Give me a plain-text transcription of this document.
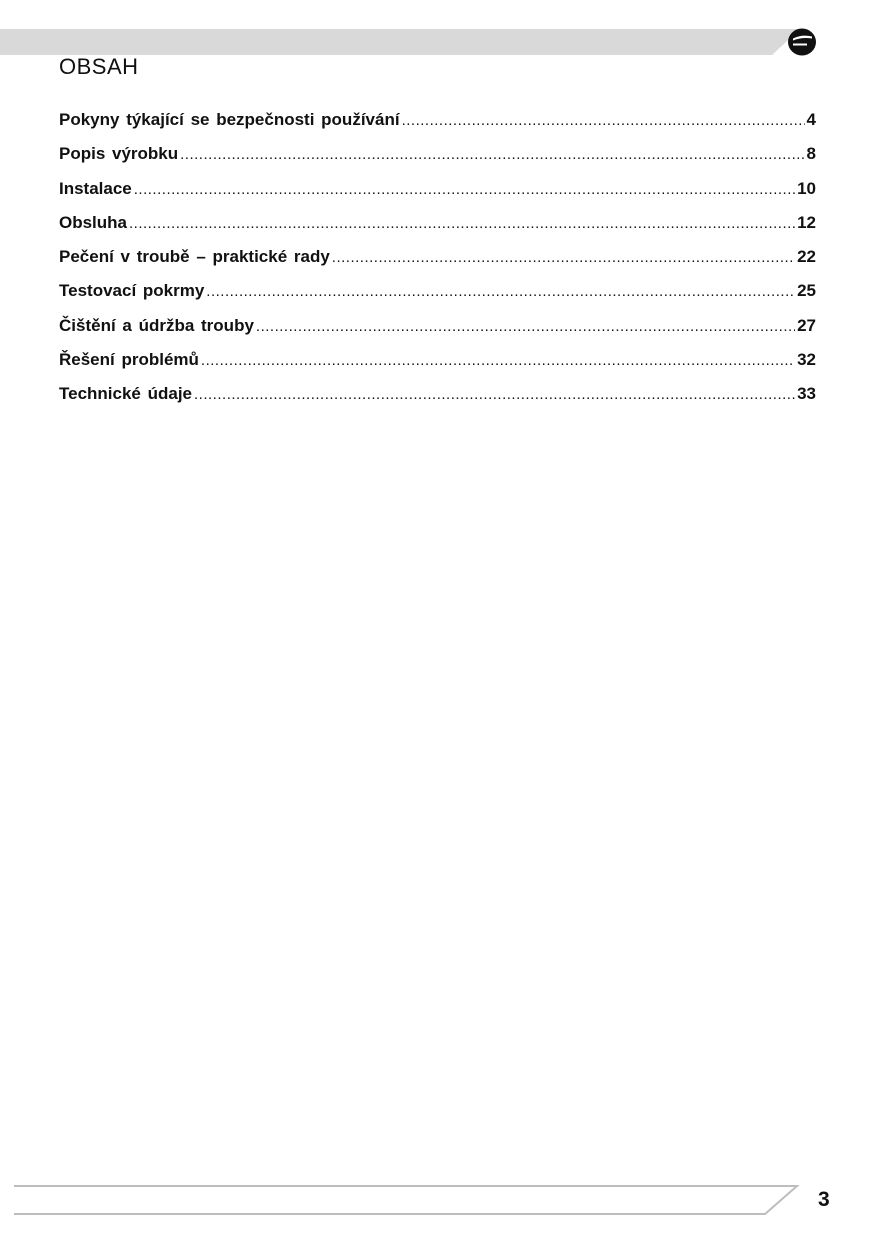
OBSAH
Pokyny týkající se bezpečnosti používání .....	4
Popis výrobku .....	8
Instalace .....	10
Obsluha .....	12
Pečení v troubě – praktické rady .....	22
Testovací pokrmy .....	25
Čištění a údržba trouby .....	27
Řešení problémů .....	32
Technické údaje .....	33
3
